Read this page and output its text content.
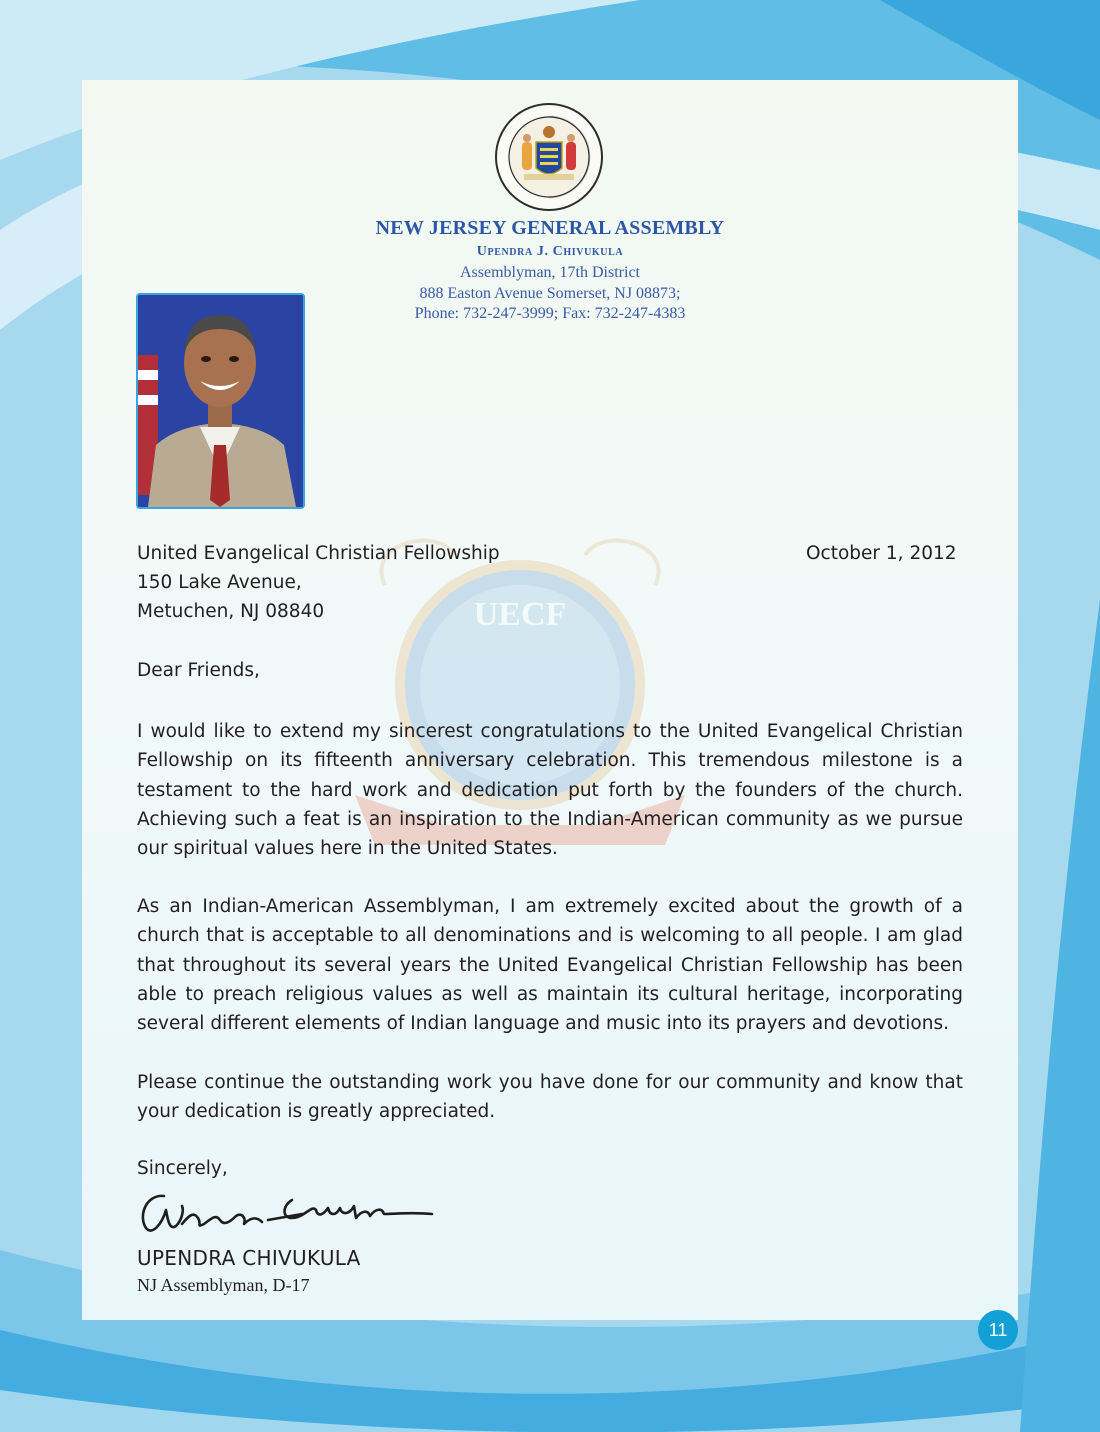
UECF
NEW JERSEY GENERAL ASSEMBLY
Upendra J. Chivukula
Assemblyman, 17th District
888 Easton Avenue Somerset, NJ 08873;
Phone: 732-247-3999; Fax: 732-247-4383
United Evangelical Christian Fellowship	October 1, 2012
150 Lake Avenue,
Metuchen, NJ 08840
Dear Friends,
I would like to extend my sincerest congratulations to the United Evangelical Christian Fellowship on its fifteenth anniversary celebration. This tremendous milestone is a testament to the hard work and dedication put forth by the founders of the church. Achieving such a feat is an inspiration to the Indian-American community as we pursue our spiritual values here in the United States.
As an Indian-American Assemblyman, I am extremely excited about the growth of a church that is acceptable to all denominations and is welcoming to all people. I am glad that throughout its several years the United Evangelical Christian Fellowship has been able to preach religious values as well as maintain its cultural heritage, incorporating several different elements of Indian language and music into its prayers and devotions.
Please continue the outstanding work you have done for our community and know that your dedication is greatly appreciated.
Sincerely,
UPENDRA CHIVUKULA
NJ Assemblyman, D-17
11
